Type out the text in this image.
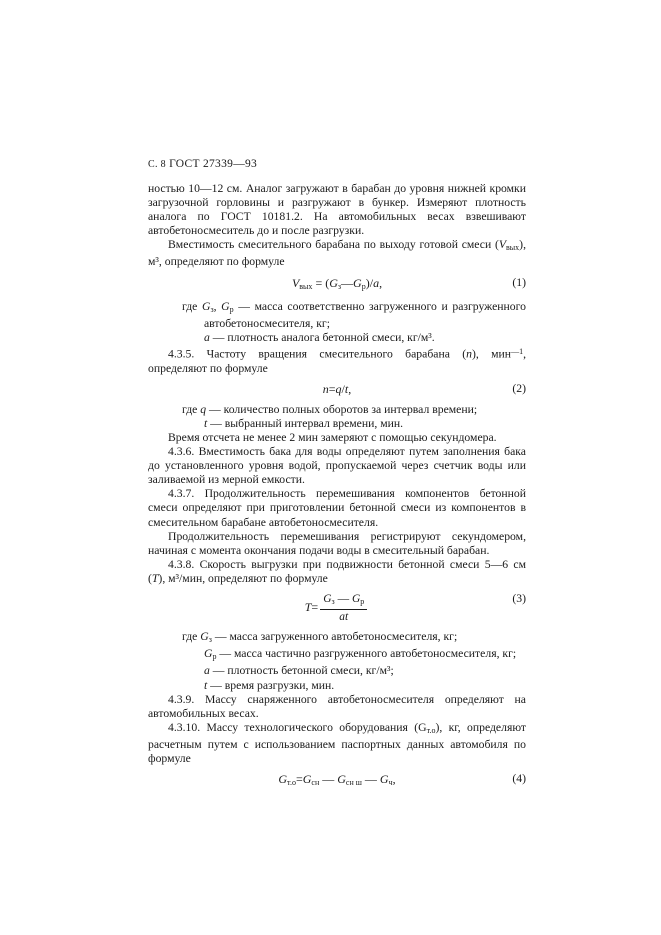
С. 8 ГОСТ 27339—93

ностью 10—12 см. Аналог загружают в барабан до уровня нижней кромки загрузочной горловины и разгружают в бункер. Измеряют плотность аналога по ГОСТ 10181.2. На автомобильных весах взвешивают автобетоносмеситель до и после разгрузки.

Вместимость смесительного барабана по выходу готовой смеси $(V_{вых})$, м³, определяют по формуле

$V_{вых}$ = $(G_з—G_р)/a$,	(1)

где $G_з$, $G_р$ — масса соответственно загруженного и разгруженного автобетоносмесителя, кг;

a — плотность аналога бетонной смеси, кг/м³.

4.3.5. Частоту вращения смесительного барабана (n), мин$^{—1}$, определяют по формуле

n=q/t,	(2)

где q — количество полных оборотов за интервал времени;

t — выбранный интервал времени, мин.

Время отсчета не менее 2 мин замеряют с помощью секундомера.

4.3.6. Вместимость бака для воды определяют путем заполнения бака до установленного уровня водой, пропускаемой через счетчик воды или заливаемой из мерной емкости.

4.3.7. Продолжительность перемешивания компонентов бетонной смеси определяют при приготовлении бетонной смеси из компонентов в смесительном барабане автобетоносмесителя.

Продолжительность перемешивания регистрируют секундомером, начиная с момента окончания подачи воды в смесительный барабан.

4.3.8. Скорость выгрузки при подвижности бетонной смеси 5—6 см (Т), м³/мин, определяют по формуле

$T= \frac{G_з — G_р}{at}$	(3)

где $G_з$ — масса загруженного автобетоносмесителя, кг;

$G_р$ — масса частично разгруженного автобетоносмесителя, кг;

a — плотность бетонной смеси, кг/м³;

t — время разгрузки, мин.

4.3.9. Массу снаряженного автобетоносмесителя определяют на автомобильных весах.

4.3.10. Массу технологического оборудования $(G_{т.о})$, кг, определяют расчетным путем с использованием паспортных данных автомобиля по формуле

$G_{т.о}=G_{сн}$ — $G_{сн ш}$ — $G_ч$,	(4)
